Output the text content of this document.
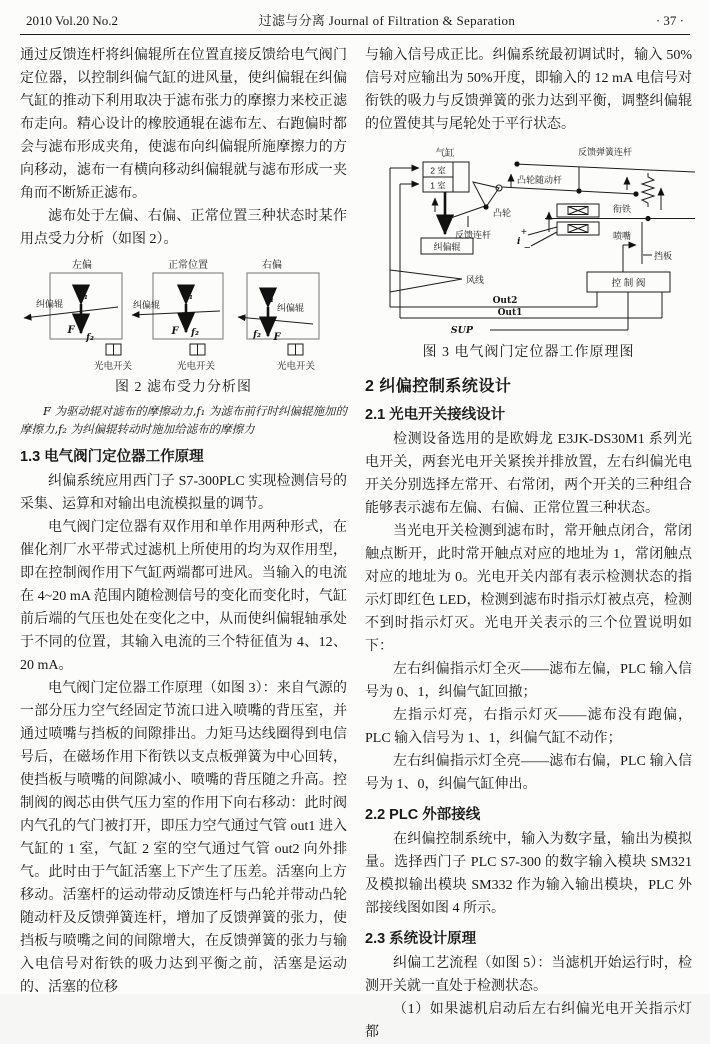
2010 Vol.20 No.2	过滤与分离 Journal of Filtration & Separation	· 37 ·

通过反馈连杆将纠偏辊所在位置直接反馈给电气阀门定位器，以控制纠偏气缸的进风量，使纠偏辊在纠偏气缸的推动下利用取决于滤布张力的摩擦力来校正滤布走向。精心设计的橡胶通辊在滤布左、右跑偏时都会与滤布形成夹角，使滤布向纠偏辊所施摩擦力的方向移动，滤布一有横向移动纠偏辊就与滤布形成一夹角而不断矫正滤布。

滤布处于左偏、右偏、正常位置三种状态时某作用点受力分析（如图 2）。

左偏
纠偏辊
f₁
F
f₂
光电开关
正常位置
纠偏辊
f₁
F f₂
光电开关
右偏
纠偏辊
f₁
f₂ F
光电开关
图 2 滤布受力分析图

F 为驱动辊对滤布的摩擦动力,f₁ 为滤布前行时纠偏辊施加的摩擦力,f₂ 为纠偏辊转动时施加给滤布的摩擦力

1.3 电气阀门定位器工作原理

纠偏系统应用西门子 S7-300PLC 实现检测信号的采集、运算和对输出电流模拟量的调节。

电气阀门定位器有双作用和单作用两种形式，在催化剂厂水平带式过滤机上所使用的均为双作用型，即在控制阀作用下气缸两端都可进风。当输入的电流在 4~20 mA 范围内随检测信号的变化而变化时，气缸前后端的气压也处在变化之中，从而使纠偏辊轴承处于不同的位置，其输入电流的三个特征值为 4、12、20 mA。

电气阀门定位器工作原理（如图 3）：来自气源的一部分压力空气经固定节流口进入喷嘴的背压室，并通过喷嘴与挡板的间隙排出。力矩马达线圈得到电信号后，在磁场作用下衔铁以支点板弹簧为中心回转，使挡板与喷嘴的间隙减小、喷嘴的背压随之升高。控制阀的阀芯由供气压力室的作用下向右移动：此时阀内气孔的气门被打开，即压力空气通过气管 out1 进入气缸的 1 室，气缸 2 室的空气通过气管 out2 向外排气。此时由于气缸活塞上下产生了压差。活塞向上方移动。活塞杆的运动带动反馈连杆与凸轮并带动凸轮随动杆及反馈弹簧连杆，增加了反馈弹簧的张力，使挡板与喷嘴之间的间隙增大，在反馈弹簧的张力与输入电信号对衔铁的吸力达到平衡之前，活塞是运动的、活塞的位移

与输入信号成正比。纠偏系统最初调试时，输入 50%信号对应输出为 50%开度，即输入的 12 mA 电信号对衔铁的吸力与反馈弹簧的张力达到平衡，调整纠偏辊的位置使其与尾轮处于平行状态。

气缸
2 室
1 室
风线
Out2
Out1
SUP
纠偏辊
反馈连杆
凸轮
凸轮随动杆
反馈弹簧连杆
衔铁
i
+
−
喷嘴
挡板
控 制 阀
图 3 电气阀门定位器工作原理图
2 纠偏控制系统设计
2.1 光电开关接线设计

检测设备选用的是欧姆龙 E3JK-DS30M1 系列光电开关，两套光电开关紧挨并排放置，左右纠偏光电开关分别选择左常开、右常闭，两个开关的三种组合能够表示滤布左偏、右偏、正常位置三种状态。

当光电开关检测到滤布时，常开触点闭合，常闭触点断开，此时常开触点对应的地址为 1，常闭触点对应的地址为 0。光电开关内部有表示检测状态的指示灯即红色 LED，检测到滤布时指示灯被点亮，检测不到时指示灯灭。光电开关表示的三个位置说明如下：

左右纠偏指示灯全灭——滤布左偏，PLC 输入信号为 0、1，纠偏气缸回撤；

左指示灯亮，右指示灯灭——滤布没有跑偏，PLC 输入信号为 1、1，纠偏气缸不动作；

左右纠偏指示灯全亮——滤布右偏，PLC 输入信号为 1、0，纠偏气缸伸出。

2.2 PLC 外部接线

在纠偏控制系统中，输入为数字量，输出为模拟量。选择西门子 PLC S7-300 的数字输入模块 SM321 及模拟输出模块 SM332 作为输入输出模块，PLC 外部接线图如图 4 所示。

2.3 系统设计原理

纠偏工艺流程（如图 5）：当滤机开始运行时，检测开关就一直处于检测状态。

（1）如果滤机启动后左右纠偏光电开关指示灯都
